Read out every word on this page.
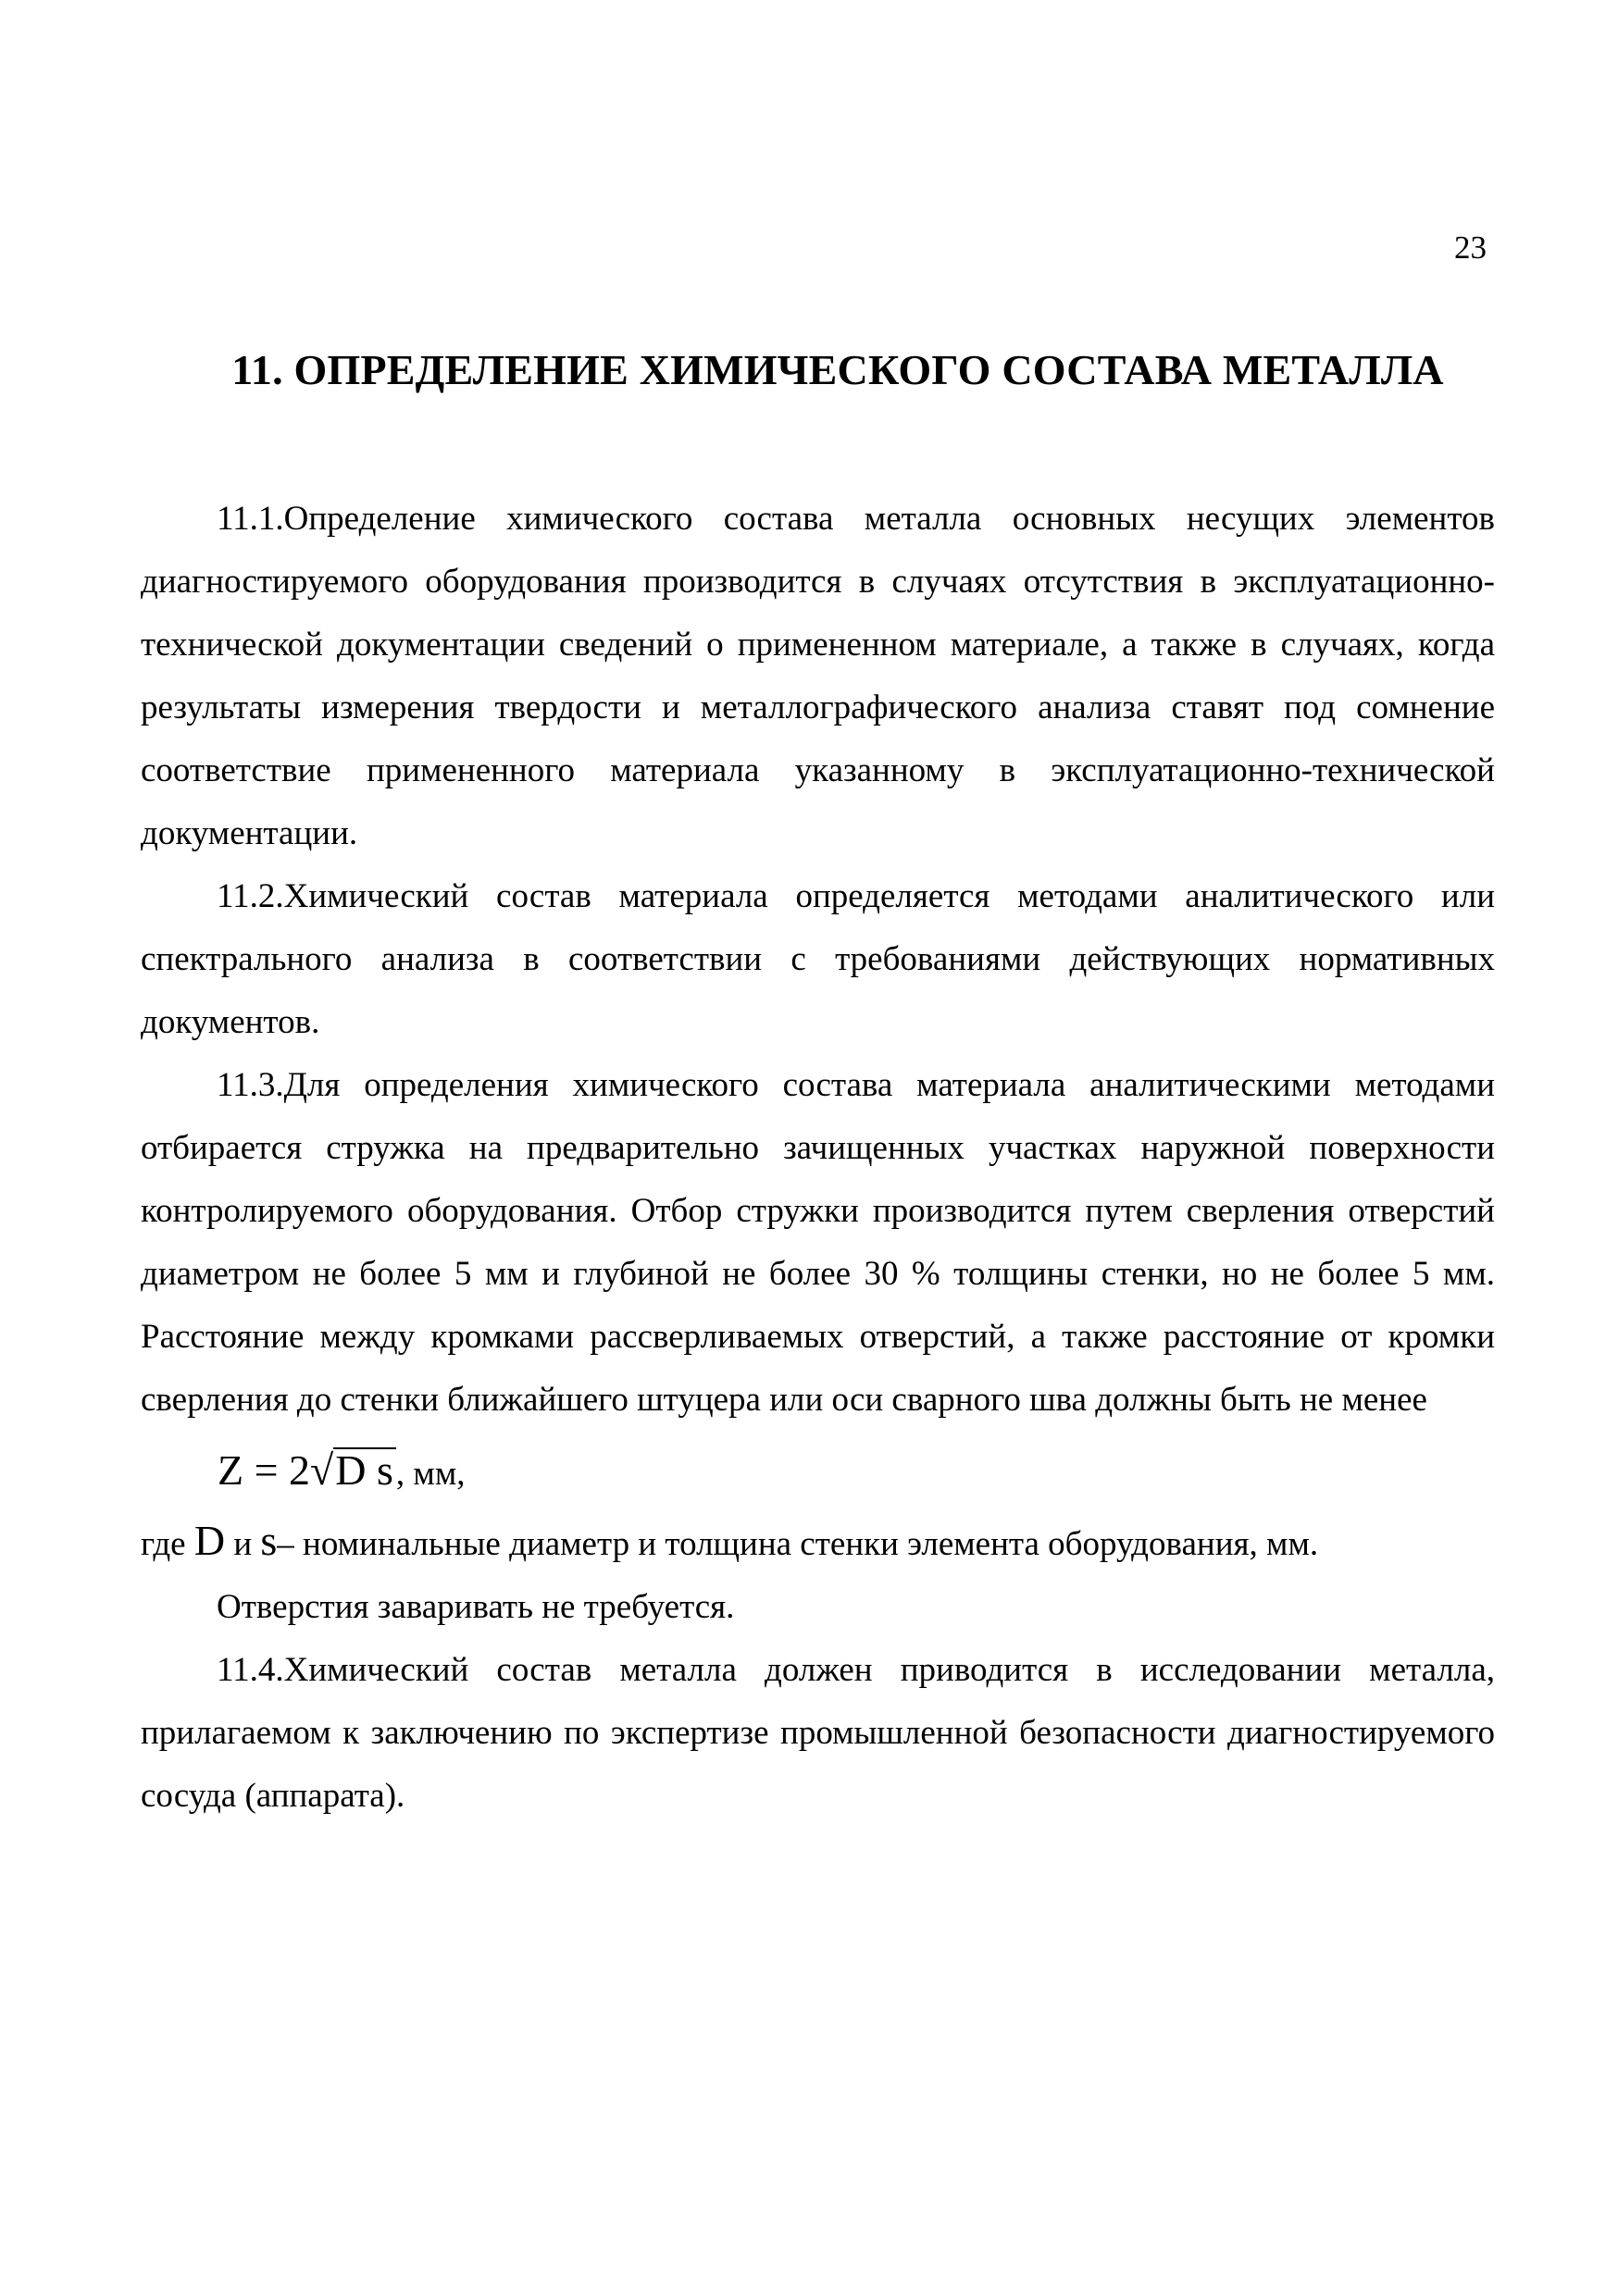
23
11. ОПРЕДЕЛЕНИЕ ХИМИЧЕСКОГО СОСТАВА МЕТАЛЛА

11.1.Определение химического состава металла основных несущих элементов диагностируемого оборудования производится в случаях отсутствия в эксплуатационно-технической документации сведений о примененном материале, а также в случаях, когда результаты измерения твердости и металлографического анализа ставят под сомнение соответствие примененного материала указанному в эксплуатационно-технической документации.

11.2.Химический состав материала определяется методами аналитического или спектрального анализа в соответствии с требованиями действующих нормативных документов.

11.3.Для определения химического состава материала аналитическими методами отбирается стружка на предварительно зачищенных участках наружной поверхности контролируемого оборудования. Отбор стружки производится путем сверления отверстий диаметром не более 5 мм и глубиной не более 30 % толщины стенки, но не более 5 мм. Расстояние между кромками рассверливаемых отверстий, а также расстояние от кромки сверления до стенки ближайшего штуцера или оси сварного шва должны быть не менее

Z = 2√D s, мм,

где D и s– номинальные диаметр и толщина стенки элемента оборудования, мм.

Отверстия заваривать не требуется.

11.4.Химический состав металла должен приводится в исследовании металла, прилагаемом к заключению по экспертизе промышленной безопасности диагностируемого сосуда (аппарата).
